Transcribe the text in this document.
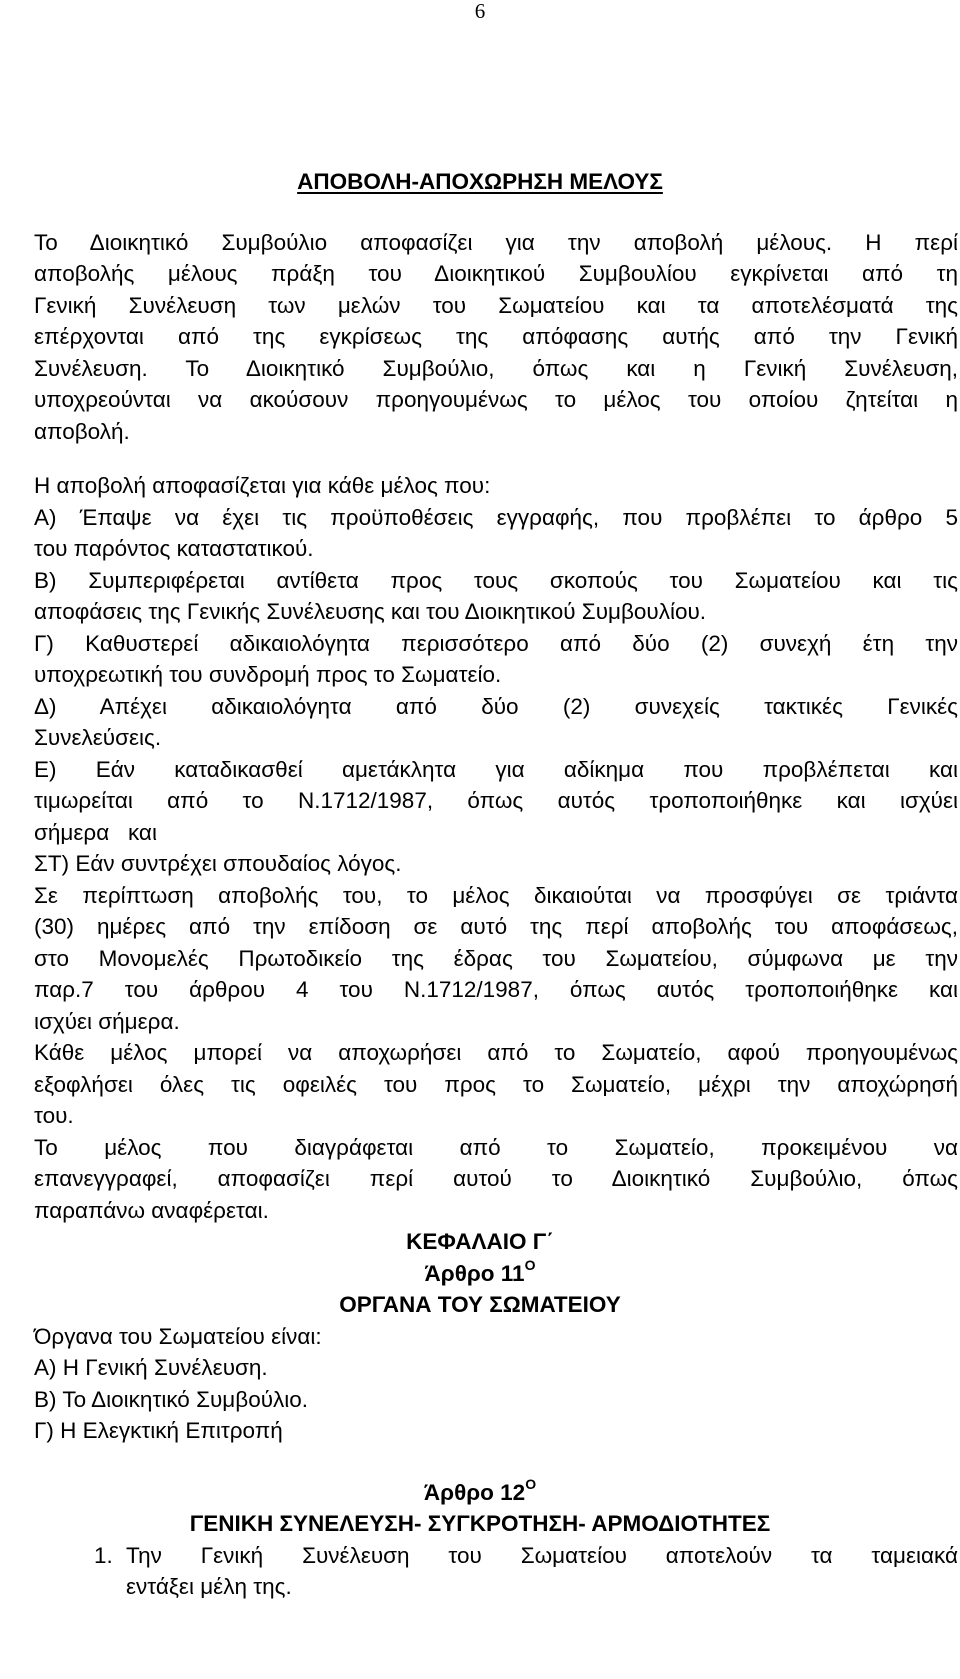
6
ΑΠΟΒΟΛΗ-ΑΠΟΧΩΡΗΣΗ ΜΕΛΟΥΣ
Το Διοικητικό Συμβούλιο αποφασίζει για την αποβολή μέλους. Η περί
αποβολής μέλους πράξη του Διοικητικού Συμβουλίου εγκρίνεται από τη
Γενική Συνέλευση των μελών του Σωματείου και τα αποτελέσματά της
επέρχονται από της εγκρίσεως της απόφασης αυτής από την Γενική
Συνέλευση. Το Διοικητικό Συμβούλιο, όπως και η Γενική Συνέλευση,
υποχρεούνται να ακούσουν προηγουμένως το μέλος του οποίου ζητείται η
αποβολή.
Η αποβολή αποφασίζεται για κάθε μέλος που:
Α) Έπαψε να έχει τις προϋποθέσεις εγγραφής, που προβλέπει το άρθρο 5
του παρόντος καταστατικού.
Β) Συμπεριφέρεται αντίθετα προς τους σκοπούς του Σωματείου και τις
αποφάσεις της Γενικής Συνέλευσης και του Διοικητικού Συμβουλίου.
Γ) Καθυστερεί αδικαιολόγητα περισσότερο από δύο (2) συνεχή έτη την
υποχρεωτική του συνδρομή προς το Σωματείο.
Δ) Απέχει αδικαιολόγητα από δύο (2) συνεχείς τακτικές Γενικές
Συνελεύσεις.
Ε) Εάν καταδικασθεί αμετάκλητα για αδίκημα που προβλέπεται και
τιμωρείται από το Ν.1712/1987, όπως αυτός τροποποιήθηκε και ισχύει
σήμερα   και
ΣΤ) Εάν συντρέχει σπουδαίος λόγος.
Σε περίπτωση αποβολής του, το μέλος δικαιούται να προσφύγει σε τριάντα
(30) ημέρες από την επίδοση σε αυτό της περί αποβολής του αποφάσεως,
στο Μονομελές Πρωτοδικείο της έδρας του Σωματείου, σύμφωνα με την
παρ.7 του άρθρου 4 του Ν.1712/1987, όπως αυτός τροποποιήθηκε και
ισχύει σήμερα.
Κάθε μέλος μπορεί να αποχωρήσει από το Σωματείο, αφού προηγουμένως
εξοφλήσει όλες τις οφειλές του προς το Σωματείο, μέχρι την αποχώρησή
του.
Το μέλος που διαγράφεται από το Σωματείο, προκειμένου να
επανεγγραφεί, αποφασίζει περί αυτού το Διοικητικό Συμβούλιο, όπως
παραπάνω αναφέρεται.
ΚΕΦΑΛΑΙΟ Γ΄
Άρθρο $11^O$
ΟΡΓΑΝΑ ΤΟΥ ΣΩΜΑΤΕΙΟΥ
Όργανα του Σωματείου είναι:
Α) Η Γενική Συνέλευση.
Β) Το Διοικητικό Συμβούλιο.
Γ) Η Ελεγκτική Επιτροπή
Άρθρο $12^O$
ΓΕΝΙΚΗ ΣΥΝΕΛΕΥΣΗ- ΣΥΓΚΡΟΤΗΣΗ- ΑΡΜΟΔΙΟΤΗΤΕΣ
1. Την Γενική Συνέλευση του Σωματείου αποτελούν τα ταμειακά
εντάξει μέλη της.
